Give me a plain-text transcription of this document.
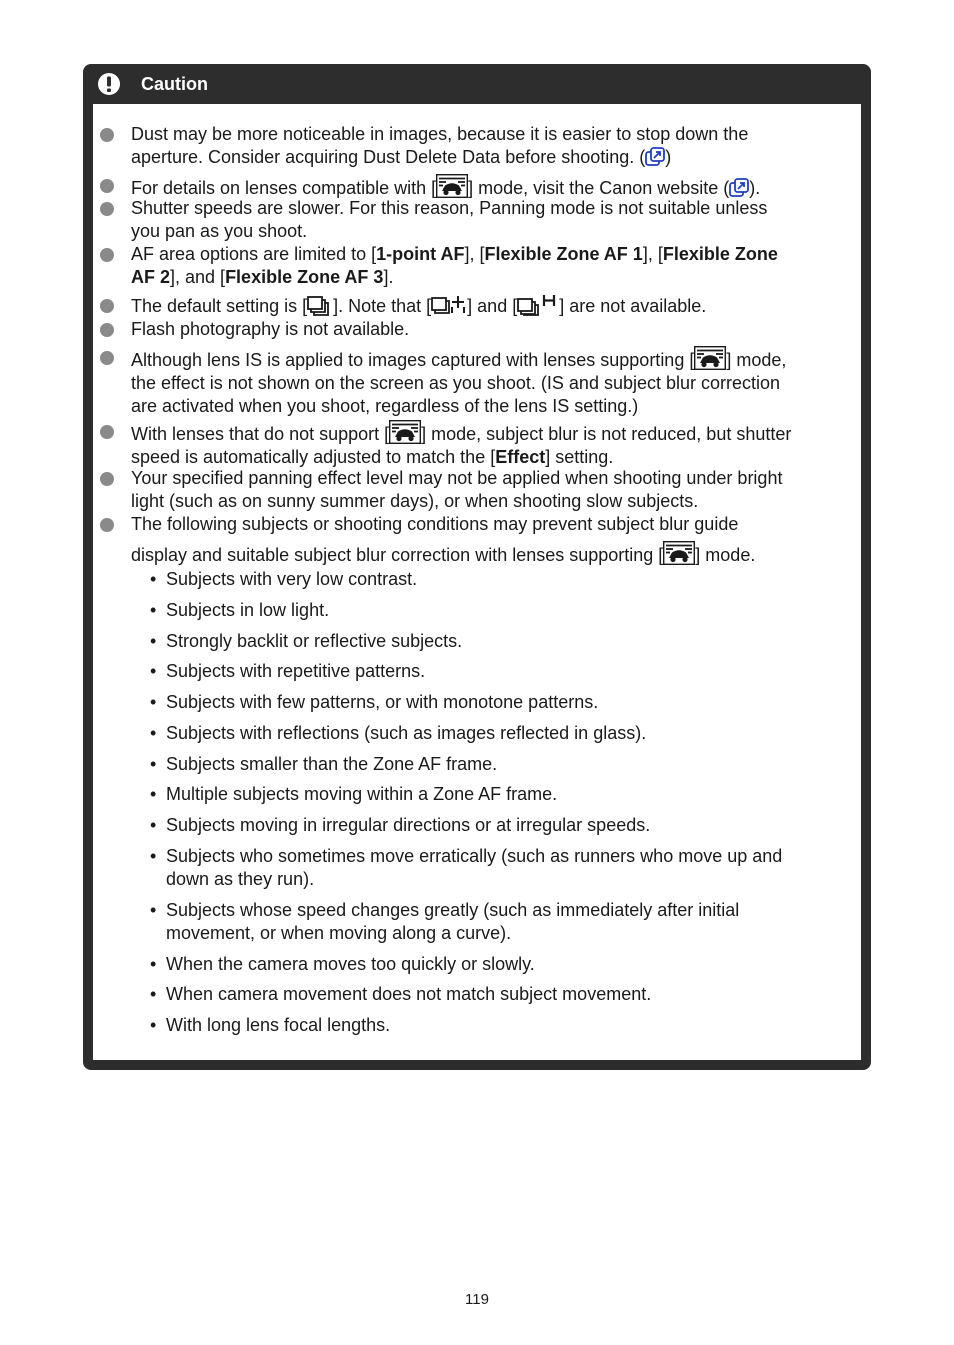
Caution
Dust may be more noticeable in images, because it is easier to stop down the
aperture. Consider acquiring Dust Delete Data before shooting. ( )
For details on lenses compatible with [ ] mode, visit the Canon website ( ).
Shutter speeds are slower. For this reason, Panning mode is not suitable unless
you pan as you shoot.
AF area options are limited to [1-point AF], [Flexible Zone AF 1], [Flexible Zone
AF 2], and [Flexible Zone AF 3].
The default setting is [ ]. Note that [ ] and [ ] are not available.
Flash photography is not available.
Although lens IS is applied to images captured with lenses supporting [ ] mode,
the effect is not shown on the screen as you shoot. (IS and subject blur correction
are activated when you shoot, regardless of the lens IS setting.)
With lenses that do not support [ ] mode, subject blur is not reduced, but shutter
speed is automatically adjusted to match the [Effect] setting.
Your specified panning effect level may not be applied when shooting under bright
light (such as on sunny summer days), or when shooting slow subjects.
The following subjects or shooting conditions may prevent subject blur guide
display and suitable subject blur correction with lenses supporting [ ] mode.
• Subjects with very low contrast.
• Subjects in low light.
• Strongly backlit or reflective subjects.
• Subjects with repetitive patterns.
• Subjects with few patterns, or with monotone patterns.
• Subjects with reflections (such as images reflected in glass).
• Subjects smaller than the Zone AF frame.
• Multiple subjects moving within a Zone AF frame.
• Subjects moving in irregular directions or at irregular speeds.
• Subjects who sometimes move erratically (such as runners who move up and
down as they run).
• Subjects whose speed changes greatly (such as immediately after initial
movement, or when moving along a curve).
• When the camera moves too quickly or slowly.
• When camera movement does not match subject movement.
• With long lens focal lengths.
119
